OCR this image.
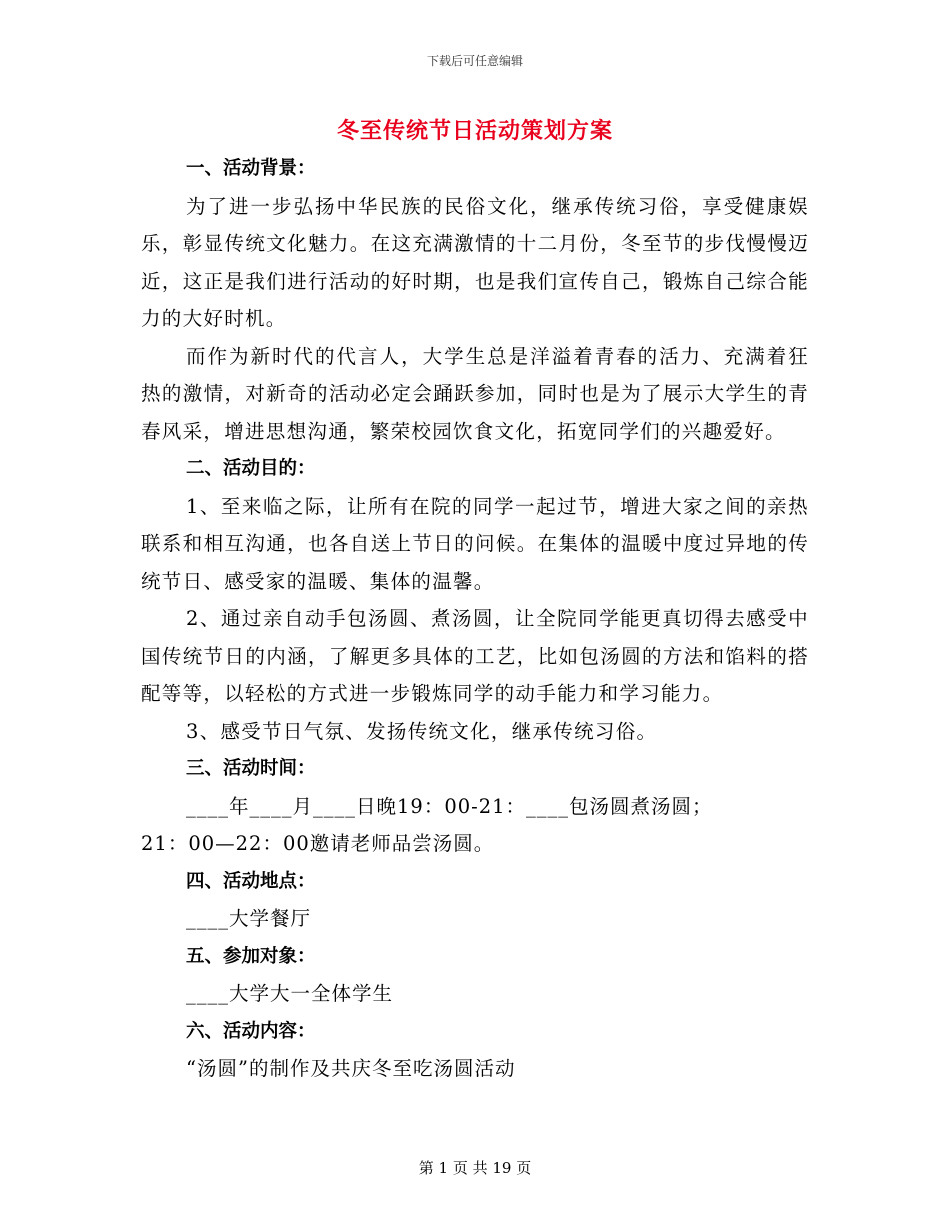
下载后可任意编辑
冬至传统节日活动策划方案

一、活动背景：

为了进一步弘扬中华民族的民俗文化，继承传统习俗，享受健康娱乐，彰显传统文化魅力。在这充满激情的十二月份，冬至节的步伐慢慢迈近，这正是我们进行活动的好时期，也是我们宣传自己，锻炼自己综合能力的大好时机。

而作为新时代的代言人，大学生总是洋溢着青春的活力、充满着狂热的激情，对新奇的活动必定会踊跃参加，同时也是为了展示大学生的青春风采，增进思想沟通，繁荣校园饮食文化，拓宽同学们的兴趣爱好。

二、活动目的：

1、至来临之际，让所有在院的同学一起过节，增进大家之间的亲热联系和相互沟通，也各自送上节日的问候。在集体的温暖中度过异地的传统节日、感受家的温暖、集体的温馨。

2、通过亲自动手包汤圆、煮汤圆，让全院同学能更真切得去感受中国传统节日的内涵，了解更多具体的工艺，比如包汤圆的方法和馅料的搭配等等，以轻松的方式进一步锻炼同学的动手能力和学习能力。

3、感受节日气氛、发扬传统文化，继承传统习俗。

三、活动时间：

____年____月____日晚19：00-21：____包汤圆煮汤圆；

21：00—22：00邀请老师品尝汤圆。

四、活动地点：

____大学餐厅

五、参加对象：

____大学大一全体学生

六、活动内容：

“汤圆”的制作及共庆冬至吃汤圆活动

第 1 页 共 19 页
